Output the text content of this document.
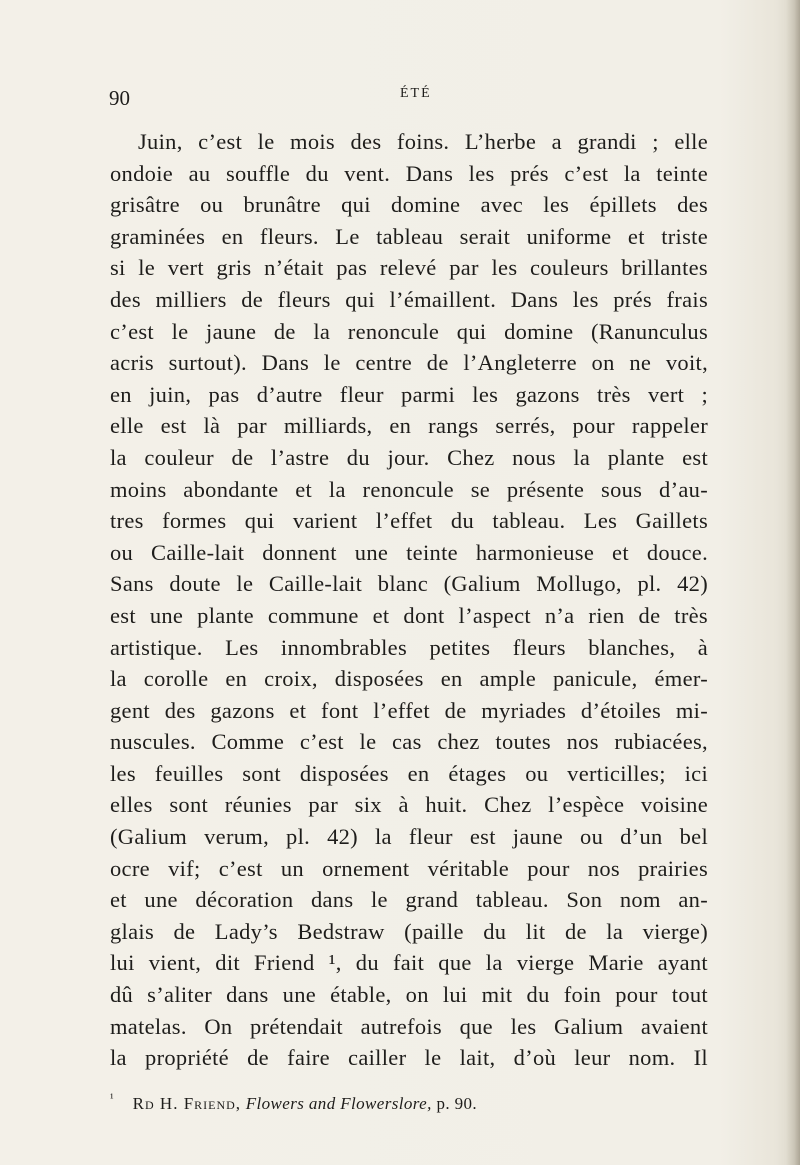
90	ÉTÉ
Juin, c’est le mois des foins. L’herbe a grandi ; elle
ondoie au souffle du vent. Dans les prés c’est la teinte
grisâtre ou brunâtre qui domine avec les épillets des
graminées en fleurs. Le tableau serait uniforme et triste
si le vert gris n’était pas relevé par les couleurs brillantes
des milliers de fleurs qui l’émaillent. Dans les prés frais
c’est le jaune de la renoncule qui domine (Ranunculus
acris surtout). Dans le centre de l’Angleterre on ne voit,
en juin, pas d’autre fleur parmi les gazons très vert ;
elle est là par milliards, en rangs serrés, pour rappeler
la couleur de l’astre du jour. Chez nous la plante est
moins abondante et la renoncule se présente sous d’au-
tres formes qui varient l’effet du tableau. Les Gaillets
ou Caille-lait donnent une teinte harmonieuse et douce.
Sans doute le Caille-lait blanc (Galium Mollugo, pl. 42)
est une plante commune et dont l’aspect n’a rien de très
artistique. Les innombrables petites fleurs blanches, à
la corolle en croix, disposées en ample panicule, émer-
gent des gazons et font l’effet de myriades d’étoiles mi-
nuscules. Comme c’est le cas chez toutes nos rubiacées,
les feuilles sont disposées en étages ou verticilles; ici
elles sont réunies par six à huit. Chez l’espèce voisine
(Galium verum, pl. 42) la fleur est jaune ou d’un bel
ocre vif; c’est un ornement véritable pour nos prairies
et une décoration dans le grand tableau. Son nom an-
glais de Lady’s Bedstraw (paille du lit de la vierge)
lui vient, dit Friend ¹, du fait que la vierge Marie ayant
dû s’aliter dans une étable, on lui mit du foin pour tout
matelas. On prétendait autrefois que les Galium avaient
la propriété de faire cailler le lait, d’où leur nom. Il
$^{^1}$ Rd H. Friend, Flowers and Flowerslore, p. 90.
